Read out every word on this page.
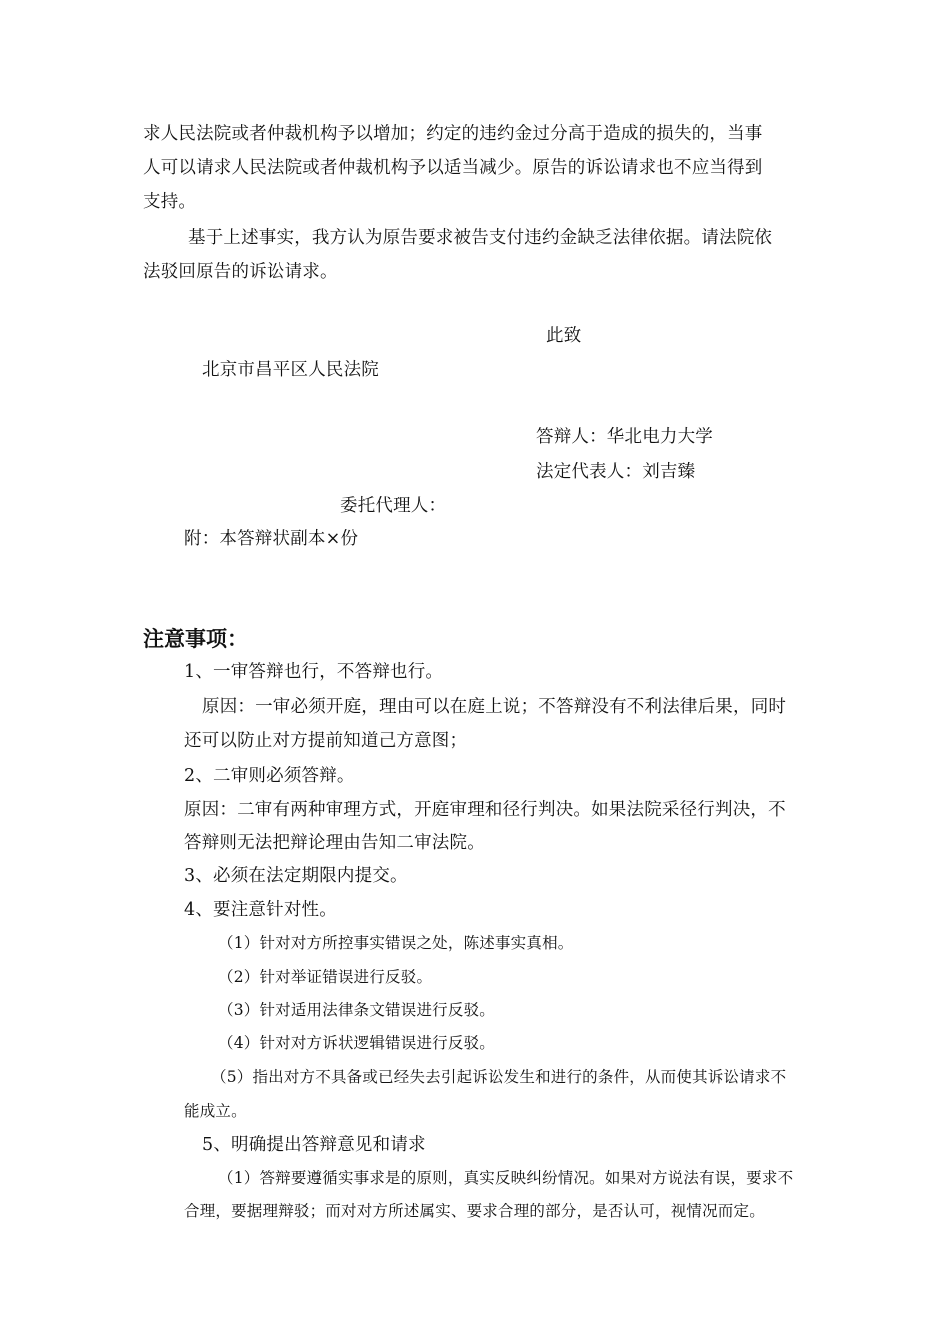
求人民法院或者仲裁机构予以增加；约定的违约金过分高于造成的损失的，当事
人可以请求人民法院或者仲裁机构予以适当减少。原告的诉讼请求也不应当得到
支持。
基于上述事实，我方认为原告要求被告支付违约金缺乏法律依据。请法院依
法驳回原告的诉讼请求。
此致
北京市昌平区人民法院
答辩人：华北电力大学
法定代表人：刘吉臻
委托代理人：
附：本答辩状副本×份
注意事项：
1、一审答辩也行，不答辩也行。
原因：一审必须开庭，理由可以在庭上说；不答辩没有不利法律后果，同时
还可以防止对方提前知道己方意图；
2、二审则必须答辩。
原因：二审有两种审理方式，开庭审理和径行判决。如果法院采径行判决，不
答辩则无法把辩论理由告知二审法院。
3、必须在法定期限内提交。
4、要注意针对性。
（1）针对对方所控事实错误之处，陈述事实真相。
（2）针对举证错误进行反驳。
（3）针对适用法律条文错误进行反驳。
（4）针对对方诉状逻辑错误进行反驳。
（5）指出对方不具备或已经失去引起诉讼发生和进行的条件，从而使其诉讼请求不
能成立。
5、明确提出答辩意见和请求
（1）答辩要遵循实事求是的原则，真实反映纠纷情况。如果对方说法有误，要求不
合理，要据理辩驳；而对对方所述属实、要求合理的部分，是否认可，视情况而定。
